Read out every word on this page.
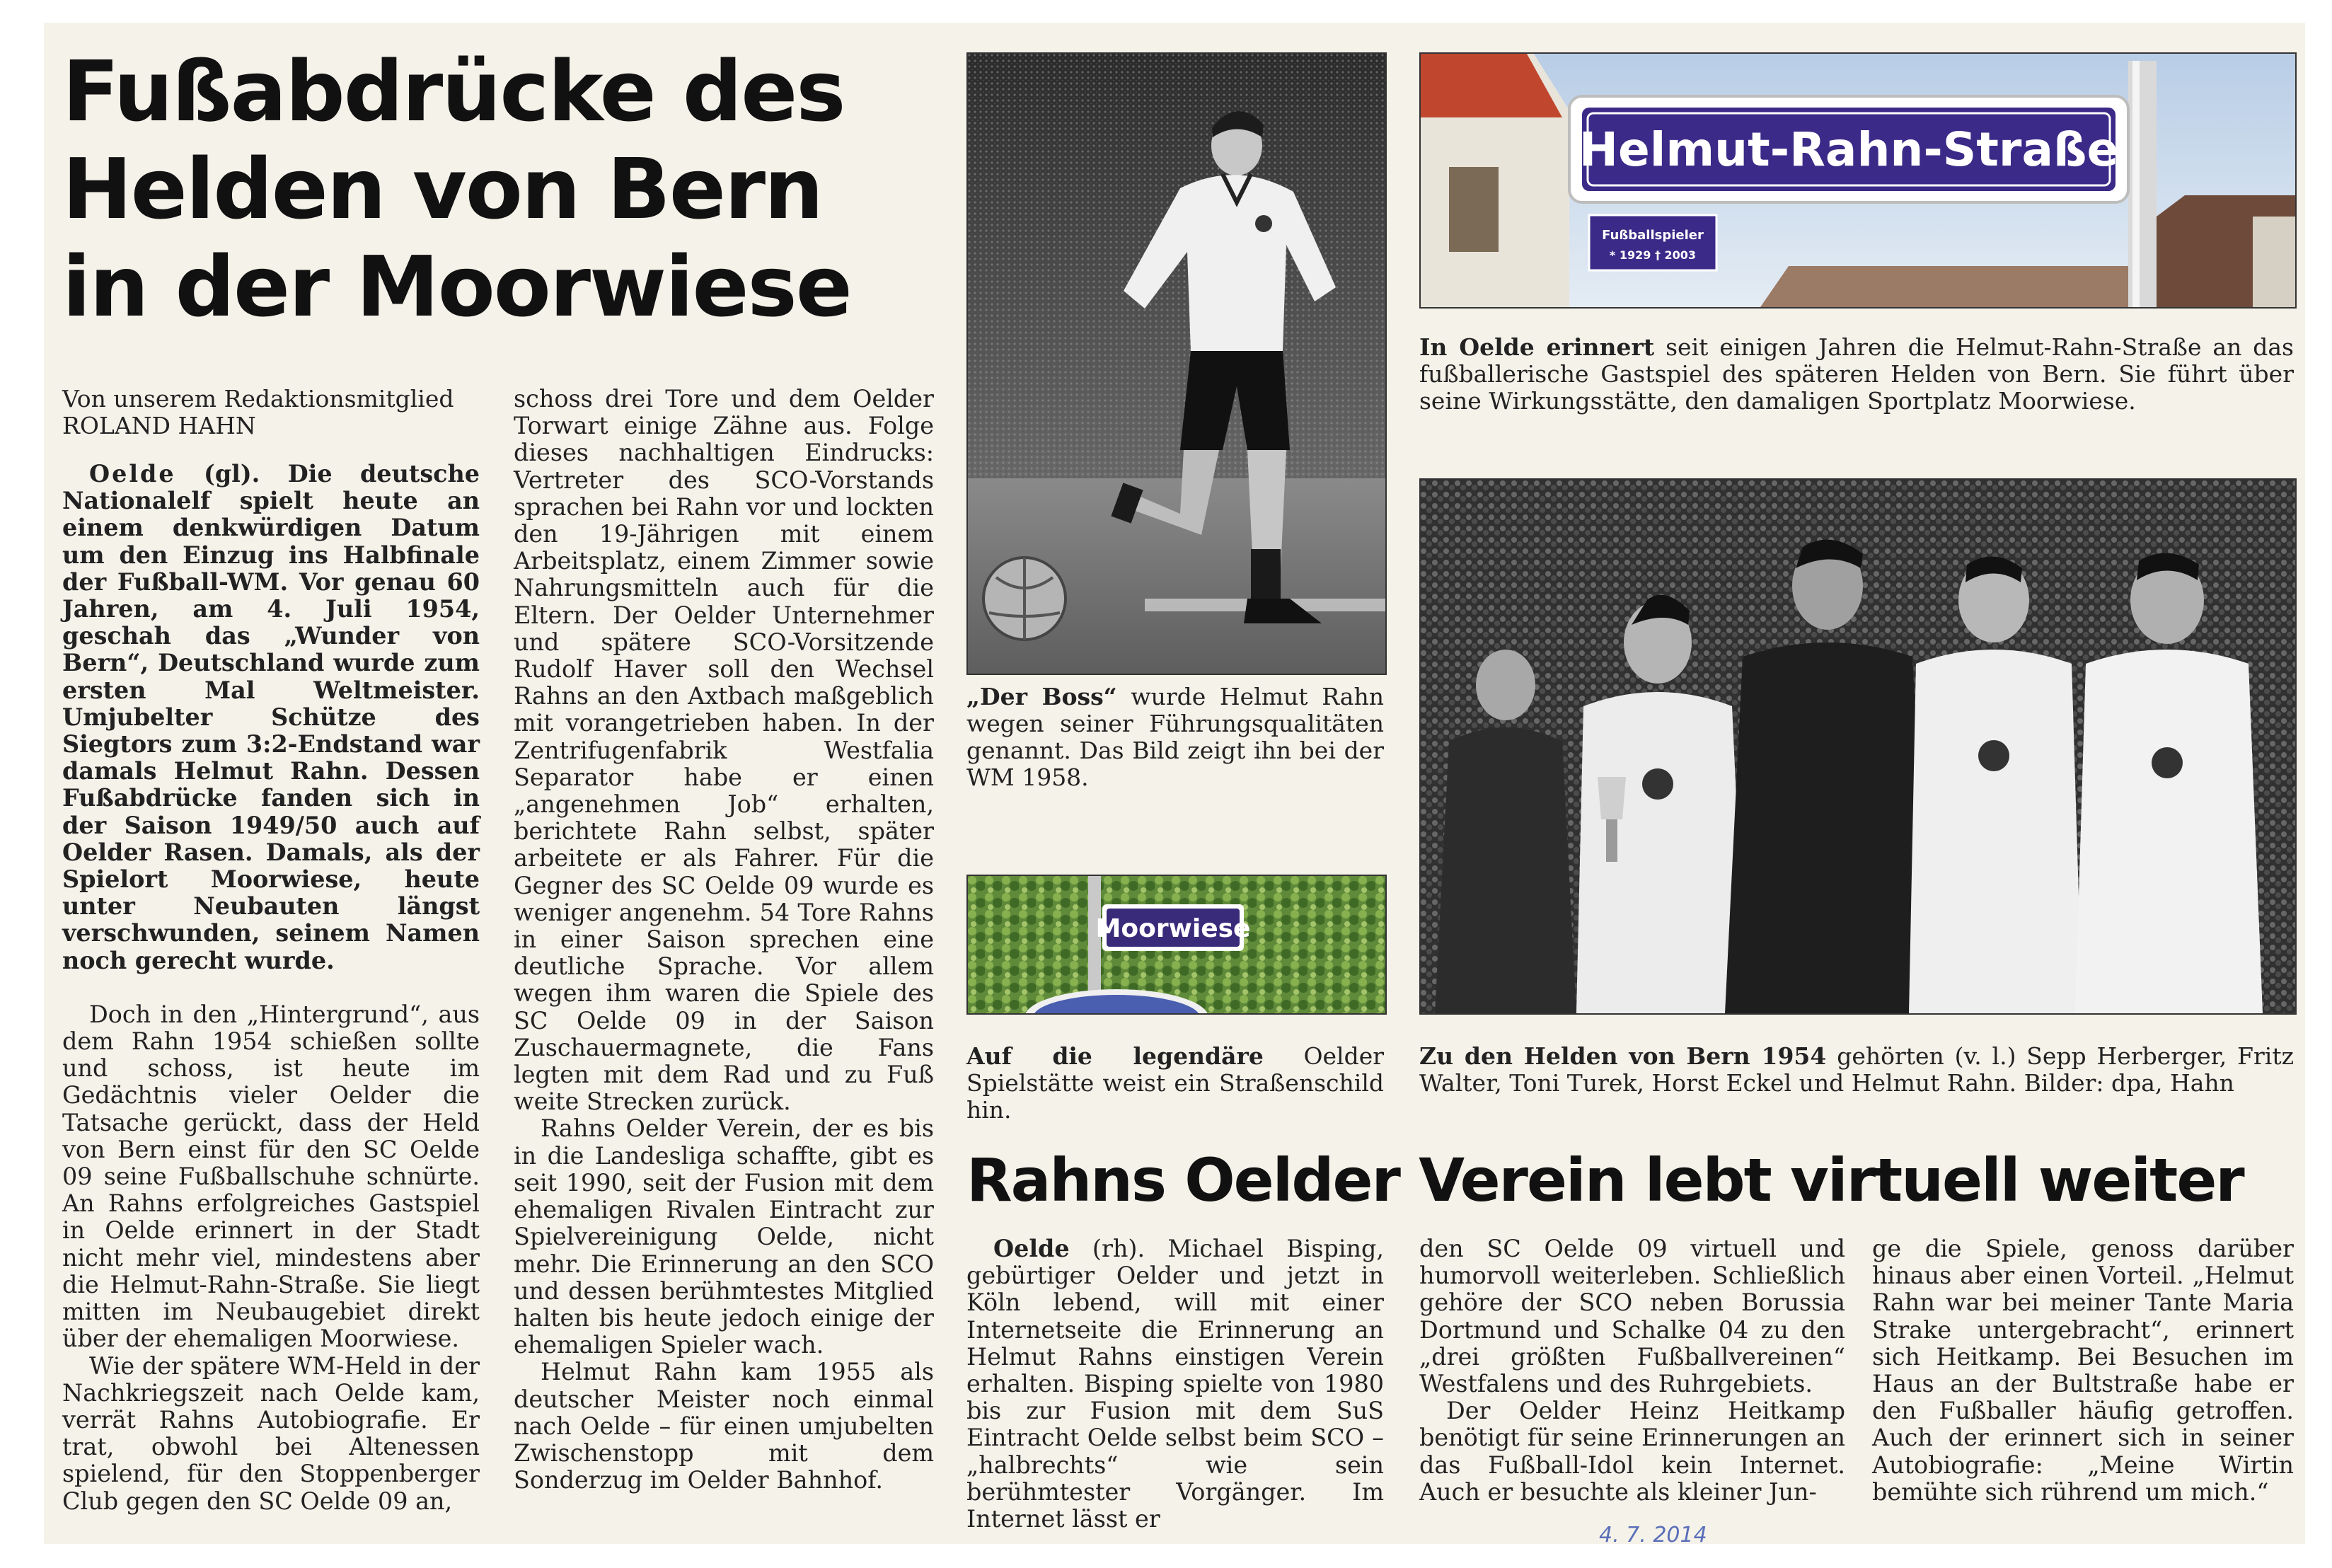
Fußabdrücke des
Helden von Bern
in der Moorwiese
Von unserem Redaktionsmitglied
ROLAND HAHN

Oelde (gl). Die deutsche Nationalelf spielt heute an einem denkwürdigen Datum um den Einzug ins Halbfinale der Fußball-WM. Vor genau 60 Jahren, am 4. Juli 1954, geschah das „Wunder von Bern“, Deutschland wurde zum ersten Mal Weltmeister. Umjubelter Schütze des Siegtors zum 3:2-Endstand war damals Helmut Rahn. Dessen Fußabdrücke fanden sich in der Saison 1949/50 auch auf Oelder Rasen. Damals, als der Spielort Moorwiese, heute unter Neubauten längst verschwunden, seinem Namen noch gerecht wurde.

Doch in den „Hintergrund“, aus dem Rahn 1954 schießen sollte und schoss, ist heute im Gedächtnis vieler Oelder die Tatsache gerückt, dass der Held von Bern einst für den SC Oelde 09 seine Fußballschuhe schnürte. An Rahns erfolgreiches Gastspiel in Oelde erinnert in der Stadt nicht mehr viel, mindestens aber die Helmut-Rahn-Straße. Sie liegt mitten im Neubaugebiet direkt über der ehemaligen Moorwiese.

Wie der spätere WM-Held in der Nachkriegszeit nach Oelde kam, verrät Rahns Autobiografie. Er trat, obwohl bei Altenessen spielend, für den Stoppenberger Club gegen den SC Oelde 09 an,

schoss drei Tore und dem Oelder Torwart einige Zähne aus. Folge dieses nachhaltigen Eindrucks: Vertreter des SCO-Vorstands sprachen bei Rahn vor und lockten den 19-Jährigen mit einem Arbeitsplatz, einem Zimmer sowie Nahrungsmitteln auch für die Eltern. Der Oelder Unternehmer und spätere SCO-Vorsitzende Rudolf Haver soll den Wechsel Rahns an den Axtbach maßgeblich mit vorangetrieben haben. In der Zentrifugenfabrik Westfalia Separator habe er einen „angenehmen Job“ erhalten, berichtete Rahn selbst, später arbeitete er als Fahrer. Für die Gegner des SC Oelde 09 wurde es weniger angenehm. 54 Tore Rahns in einer Saison sprechen eine deutliche Sprache. Vor allem wegen ihm waren die Spiele des SC Oelde 09 in der Saison Zuschauermagnete, die Fans legten mit dem Rad und zu Fuß weite Strecken zurück.

Rahns Oelder Verein, der es bis in die Landesliga schaffte, gibt es seit 1990, seit der Fusion mit dem ehemaligen Rivalen Eintracht zur Spielvereinigung Oelde, nicht mehr. Die Erinnerung an den SCO und dessen berühmtestes Mitglied halten bis heute jedoch einige der ehemaligen Spieler wach.

Helmut Rahn kam 1955 als deutscher Meister noch einmal nach Oelde – für einen umjubelten Zwischenstopp mit dem Sonderzug im Oelder Bahnhof.

„Der Boss“ wurde Helmut Rahn wegen seiner Führungsqualitäten genannt. Das Bild zeigt ihn bei der WM 1958.
Moorwiese
Auf die legendäre Oelder Spielstätte weist ein Straßenschild hin.
Helmut-Rahn-Straße
Fußballspieler
* 1929 † 2003
In Oelde erinnert seit einigen Jahren die Helmut-Rahn-Straße an das fußballerische Gastspiel des späteren Helden von Bern. Sie führt über seine Wirkungsstätte, den damaligen Sportplatz Moorwiese.
Zu den Helden von Bern 1954 gehörten (v. l.) Sepp Herberger, Fritz Walter, Toni Turek, Horst Eckel und Helmut Rahn. Bilder: dpa, Hahn
Rahns Oelder Verein lebt virtuell weiter

Oelde (rh). Michael Bisping, gebürtiger Oelder und jetzt in Köln lebend, will mit einer Internetseite die Erinnerung an Helmut Rahns einstigen Verein erhalten. Bisping spielte von 1980 bis zur Fusion mit dem SuS Eintracht Oelde selbst beim SCO – „halbrechts“ wie sein berühmtester Vorgänger. Im Internet lässt er

den SC Oelde 09 virtuell und humorvoll weiterleben. Schließlich gehöre der SCO neben Borussia Dortmund und Schalke 04 zu den „drei größten Fußballvereinen“ Westfalens und des Ruhrgebiets.

Der Oelder Heinz Heitkamp benötigt für seine Erinnerungen an das Fußball-Idol kein Internet. Auch er besuchte als kleiner Jun-

ge die Spiele, genoss darüber hinaus aber einen Vorteil. „Helmut Rahn war bei meiner Tante Maria Strake untergebracht“, erinnert sich Heitkamp. Bei Besuchen im Haus an der Bultstraße habe er den Fußballer häufig getroffen. Auch der erinnert sich in seiner Autobiografie: „Meine Wirtin bemühte sich rührend um mich.“

4. 7. 2014
